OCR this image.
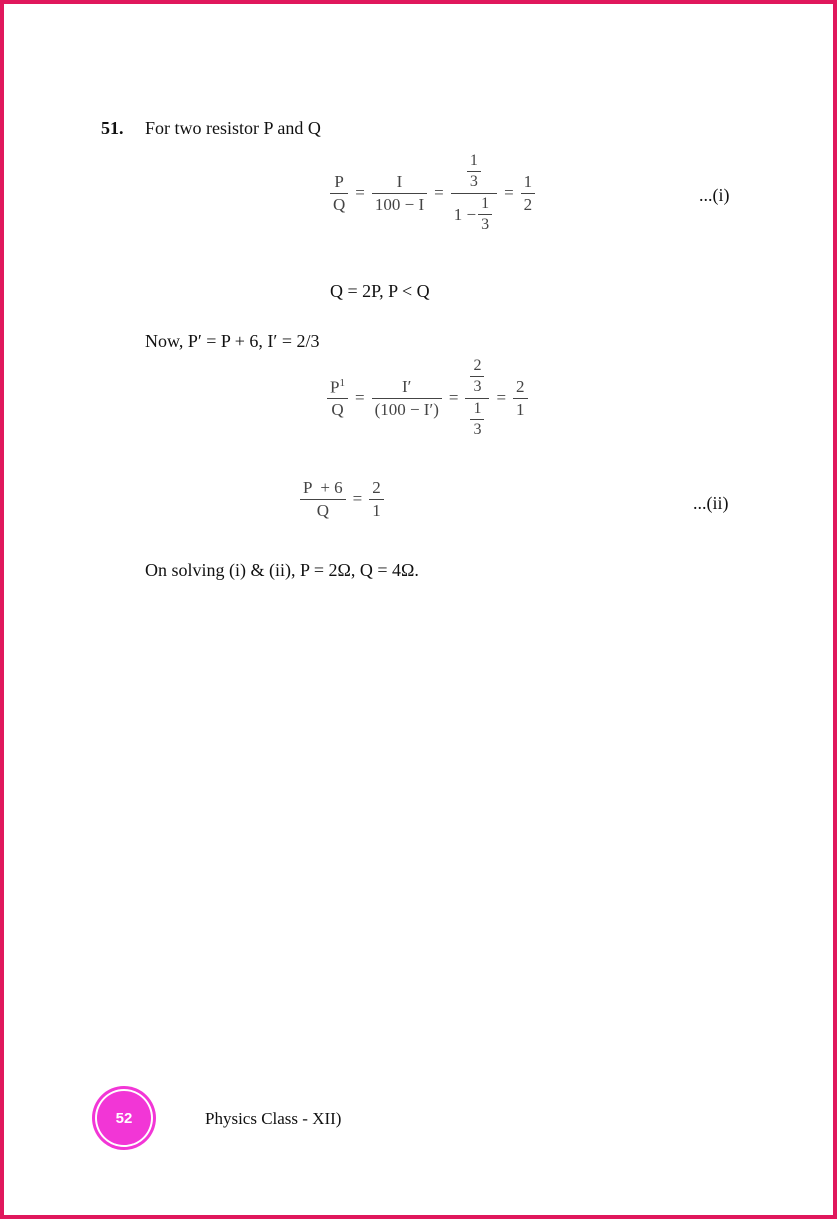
51. For two resistor P and Q
$\frac{P}{Q} = \frac{I}{100 - I} = \frac{\frac{1}{3}}{1 - \frac{1}{3}} = \frac{1}{2}$	...(i)
Q = 2P, P < Q
Now, P′ = P + 6, I′ = 2/3
$\frac{P^1}{Q} = \frac{I'}{(100 - I')} = \frac{\frac{2}{3}}{\frac{1}{3}} = \frac{2}{1}$
$\frac{P + 6}{Q} = \frac{2}{1}$	...(ii)
On solving (i) & (ii), P = 2Ω, Q = 4Ω.
52	Physics Class - XII)
